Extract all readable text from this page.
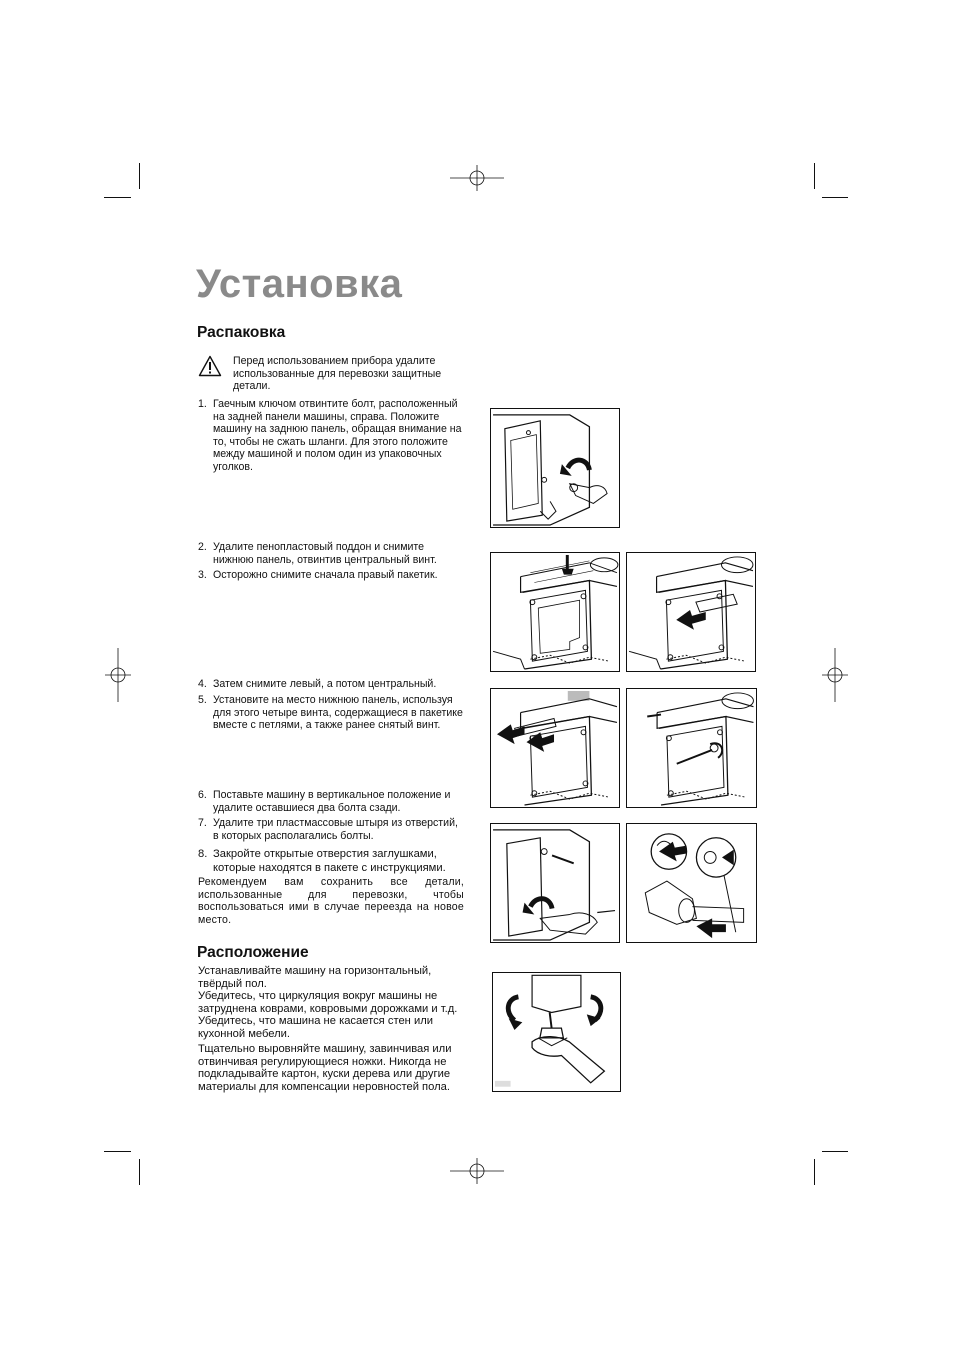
Установка
Распаковка
Перед использованием прибора удалите использованные для перевозки защитные детали.
1. Гаечным ключом отвинтите болт, расположенный на задней панели машины, справа. Положите машину на заднюю панель, обращая внимание на то, чтобы не сжать шланги. Для этого положите между машиной и полом один из упаковочных уголков.
2. Удалите пенопластовый поддон и снимите нижнюю панель, отвинтив центральный винт.
3. Осторожно снимите сначала правый пакетик.
4. Затем снимите левый, а потом центральный.
5. Установите на место нижнюю панель, используя для этого четыре винта, содержащиеся в пакетике вместе с петлями, а также ранее снятый винт.
6. Поставьте машину в вертикальное положение и удалите оставшиеся два болта сзади.
7. Удалите три пластмассовые штыря из отверстий, в которых располагались болты.
8. Закройте открытые отверстия заглушками, которые находятся в пакете с инструкциями.
Рекомендуем вам сохранить все детали, использованные для перевозки, чтобы воспользоваться ими в случае переезда на новое место.
Расположение
Устанавливайте машину на горизонтальный, твёрдый пол.
Убедитесь, что циркуляция вокруг машины не затруднена коврами, ковровыми дорожками и т.д. Убедитесь, что машина не касается стен или кухонной мебели.
Тщательно выровняйте машину, завинчивая или отвинчивая регулирующиеся ножки. Никогда не подкладывайте картон, куски дерева или другие материалы для компенсации неровностей пола.
